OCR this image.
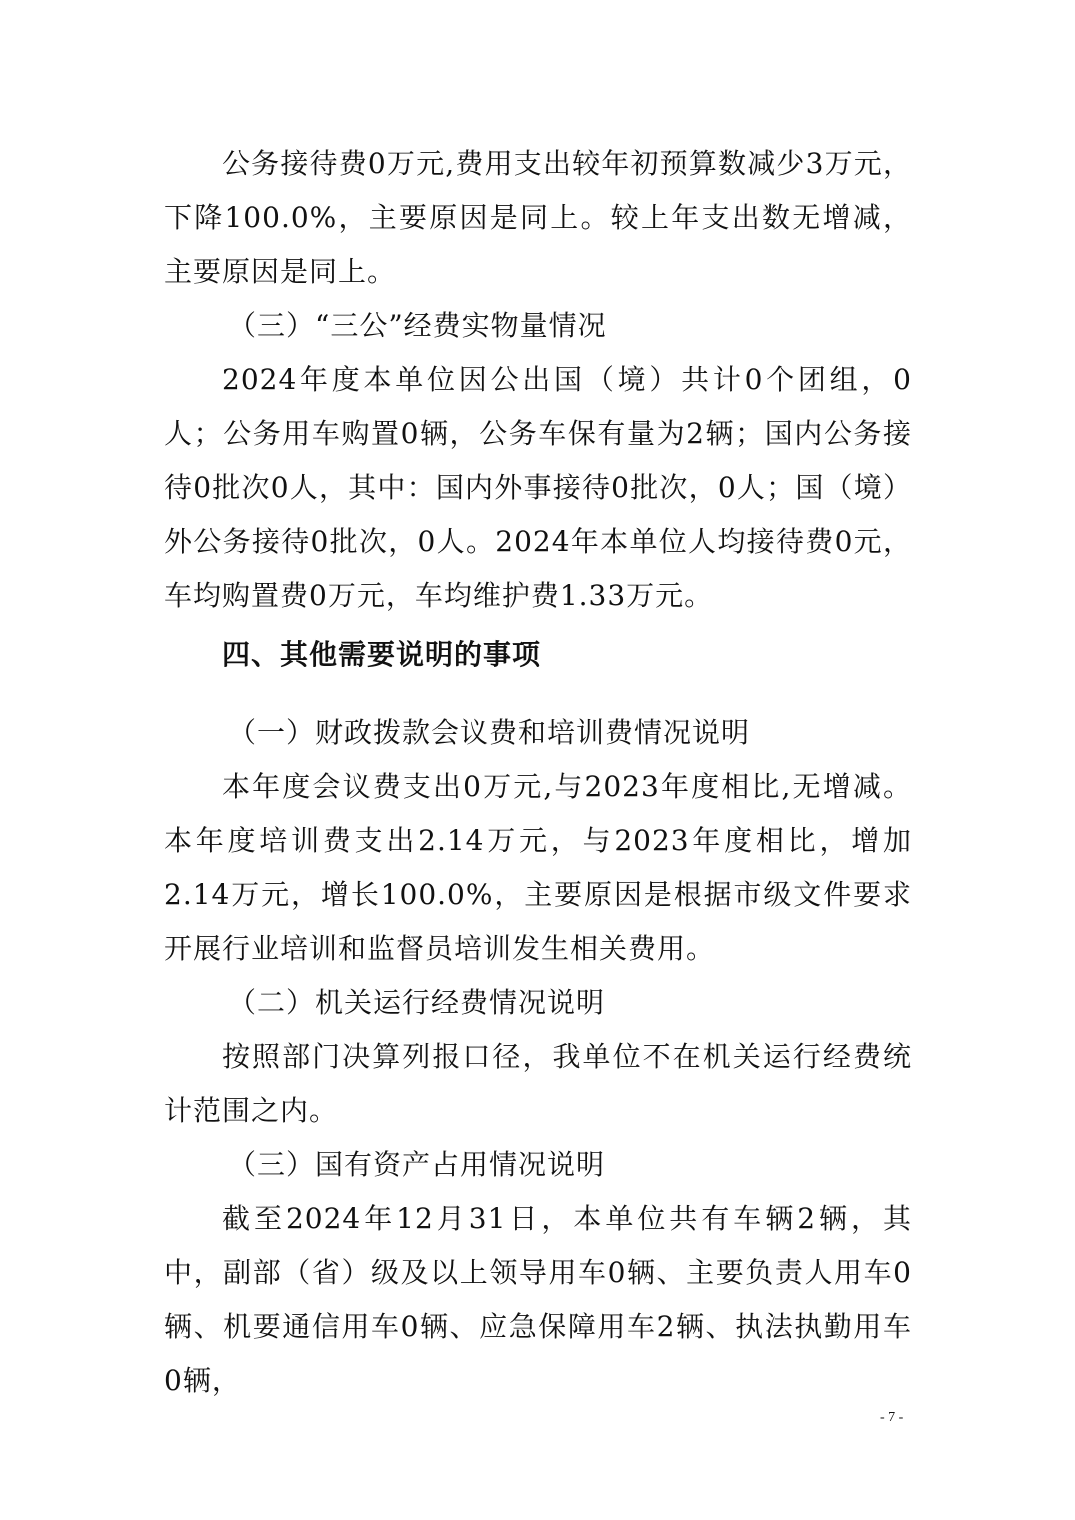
公务接待费0万元,费用支出较年初预算数减少3万元，下降100.0%，主要原因是同上。较上年支出数无增减，主要原因是同上。

（三）“三公”经费实物量情况

2024年度本单位因公出国（境）共计0个团组，0人；公务用车购置0辆，公务车保有量为2辆；国内公务接待0批次0人，其中：国内外事接待0批次，0人；国（境）外公务接待0批次，0人。2024年本单位人均接待费0元，车均购置费0万元，车均维护费1.33万元。

四、其他需要说明的事项

（一）财政拨款会议费和培训费情况说明

本年度会议费支出0万元,与2023年度相比,无增减。本年度培训费支出2.14万元，与2023年度相比，增加2.14万元，增长100.0%，主要原因是根据市级文件要求开展行业培训和监督员培训发生相关费用。

（二）机关运行经费情况说明

按照部门决算列报口径，我单位不在机关运行经费统计范围之内。

（三）国有资产占用情况说明

截至2024年12月31日，本单位共有车辆2辆，其中，副部（省）级及以上领导用车0辆、主要负责人用车0辆、机要通信用车0辆、应急保障用车2辆、执法执勤用车0辆，

- 7 -
